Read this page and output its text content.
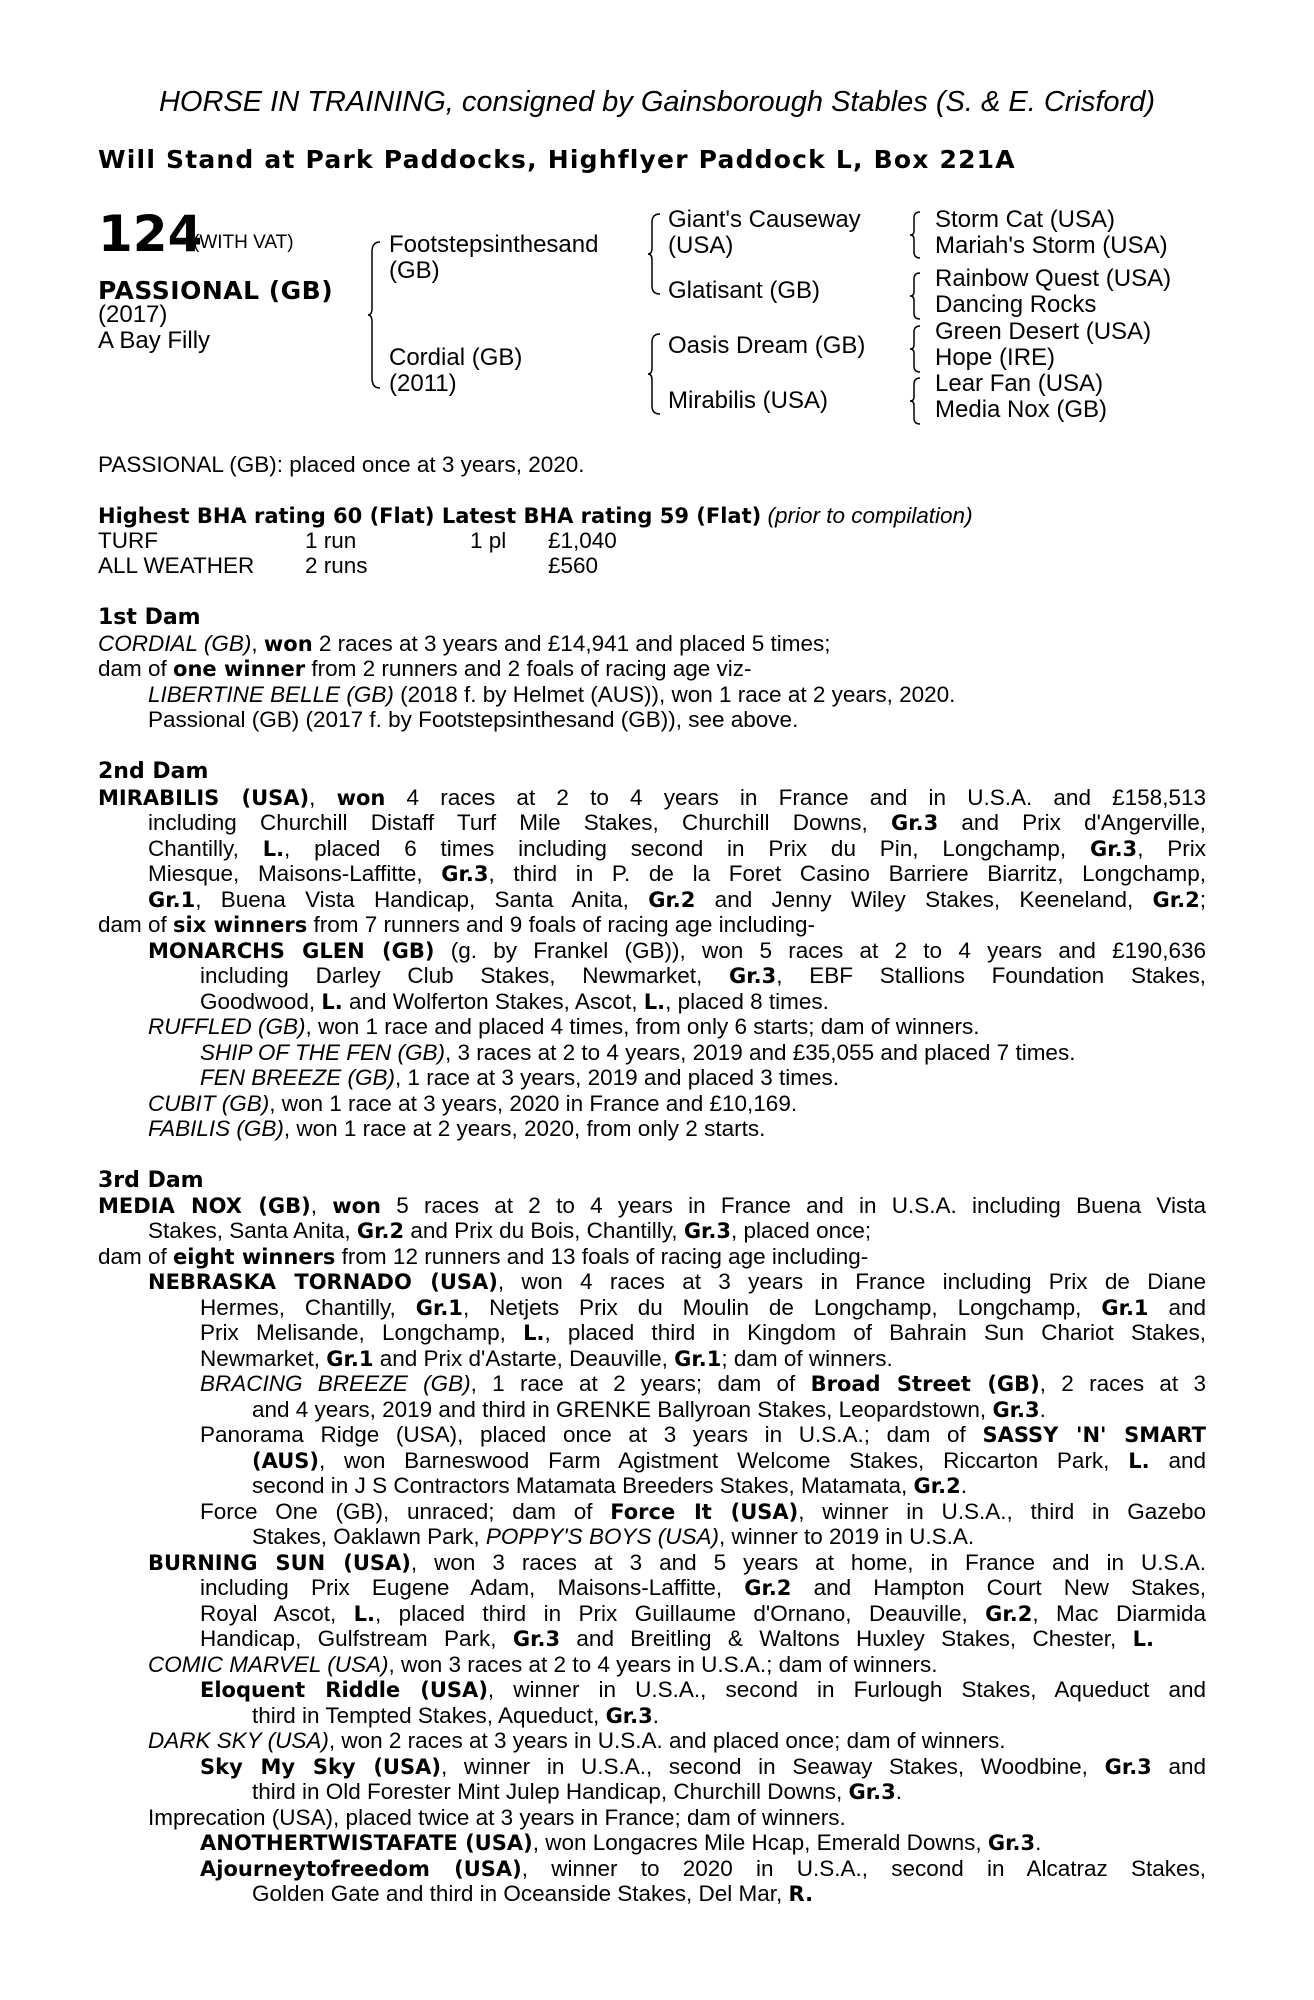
HORSE IN TRAINING, consigned by Gainsborough Stables (S. & E. Crisford)
Will Stand at Park Paddocks, Highflyer Paddock L, Box 221A
124
(WITH VAT)
PASSIONAL (GB)
(2017)
A Bay Filly
Footstepsinthesand
(GB)
Cordial (GB)
(2011)
Giant's Causeway
(USA)
Glatisant (GB)
Oasis Dream (GB)
Mirabilis (USA)
Storm Cat (USA)
Mariah's Storm (USA)
Rainbow Quest (USA)
Dancing Rocks
Green Desert (USA)
Hope (IRE)
Lear Fan (USA)
Media Nox (GB)
PASSIONAL (GB): placed once at 3 years, 2020.
Highest BHA rating 60 (Flat) Latest BHA rating 59 (Flat) (prior to compilation)
TURF	1 run	1 pl £1,040
ALL WEATHER 2 runs	£560
1st Dam
CORDIAL (GB), won 2 races at 3 years and £14,941 and placed 5 times;
dam of one winner from 2 runners and 2 foals of racing age viz-
LIBERTINE BELLE (GB) (2018 f. by Helmet (AUS)), won 1 race at 2 years, 2020.
Passional (GB) (2017 f. by Footstepsinthesand (GB)), see above.
2nd Dam
MIRABILIS (USA), won 4 races at 2 to 4 years in France and in U.S.A. and £158,513
including Churchill Distaff Turf Mile Stakes, Churchill Downs, Gr.3 and Prix d'Angerville,
Chantilly, L., placed 6 times including second in Prix du Pin, Longchamp, Gr.3, Prix
Miesque, Maisons-Laffitte, Gr.3, third in P. de la Foret Casino Barriere Biarritz, Longchamp,
Gr.1, Buena Vista Handicap, Santa Anita, Gr.2 and Jenny Wiley Stakes, Keeneland, Gr.2;
dam of six winners from 7 runners and 9 foals of racing age including-
MONARCHS GLEN (GB) (g. by Frankel (GB)), won 5 races at 2 to 4 years and £190,636
including Darley Club Stakes, Newmarket, Gr.3, EBF Stallions Foundation Stakes,
Goodwood, L. and Wolferton Stakes, Ascot, L., placed 8 times.
RUFFLED (GB), won 1 race and placed 4 times, from only 6 starts; dam of winners.
SHIP OF THE FEN (GB), 3 races at 2 to 4 years, 2019 and £35,055 and placed 7 times.
FEN BREEZE (GB), 1 race at 3 years, 2019 and placed 3 times.
CUBIT (GB), won 1 race at 3 years, 2020 in France and £10,169.
FABILIS (GB), won 1 race at 2 years, 2020, from only 2 starts.
3rd Dam
MEDIA NOX (GB), won 5 races at 2 to 4 years in France and in U.S.A. including Buena Vista
Stakes, Santa Anita, Gr.2 and Prix du Bois, Chantilly, Gr.3, placed once;
dam of eight winners from 12 runners and 13 foals of racing age including-
NEBRASKA TORNADO (USA), won 4 races at 3 years in France including Prix de Diane
Hermes, Chantilly, Gr.1, Netjets Prix du Moulin de Longchamp, Longchamp, Gr.1 and
Prix Melisande, Longchamp, L., placed third in Kingdom of Bahrain Sun Chariot Stakes,
Newmarket, Gr.1 and Prix d'Astarte, Deauville, Gr.1; dam of winners.
BRACING BREEZE (GB), 1 race at 2 years; dam of Broad Street (GB), 2 races at 3
and 4 years, 2019 and third in GRENKE Ballyroan Stakes, Leopardstown, Gr.3.
Panorama Ridge (USA), placed once at 3 years in U.S.A.; dam of SASSY 'N' SMART
(AUS), won Barneswood Farm Agistment Welcome Stakes, Riccarton Park, L. and
second in J S Contractors Matamata Breeders Stakes, Matamata, Gr.2.
Force One (GB), unraced; dam of Force It (USA), winner in U.S.A., third in Gazebo
Stakes, Oaklawn Park, POPPY'S BOYS (USA), winner to 2019 in U.S.A.
BURNING SUN (USA), won 3 races at 3 and 5 years at home, in France and in U.S.A.
including Prix Eugene Adam, Maisons-Laffitte, Gr.2 and Hampton Court New Stakes,
Royal Ascot, L., placed third in Prix Guillaume d'Ornano, Deauville, Gr.2, Mac Diarmida
Handicap, Gulfstream Park, Gr.3 and Breitling & Waltons Huxley Stakes, Chester, L.
COMIC MARVEL (USA), won 3 races at 2 to 4 years in U.S.A.; dam of winners.
Eloquent Riddle (USA), winner in U.S.A., second in Furlough Stakes, Aqueduct and
third in Tempted Stakes, Aqueduct, Gr.3.
DARK SKY (USA), won 2 races at 3 years in U.S.A. and placed once; dam of winners.
Sky My Sky (USA), winner in U.S.A., second in Seaway Stakes, Woodbine, Gr.3 and
third in Old Forester Mint Julep Handicap, Churchill Downs, Gr.3.
Imprecation (USA), placed twice at 3 years in France; dam of winners.
ANOTHERTWISTAFATE (USA), won Longacres Mile Hcap, Emerald Downs, Gr.3.
Ajourneytofreedom (USA), winner to 2020 in U.S.A., second in Alcatraz Stakes,
Golden Gate and third in Oceanside Stakes, Del Mar, R.
